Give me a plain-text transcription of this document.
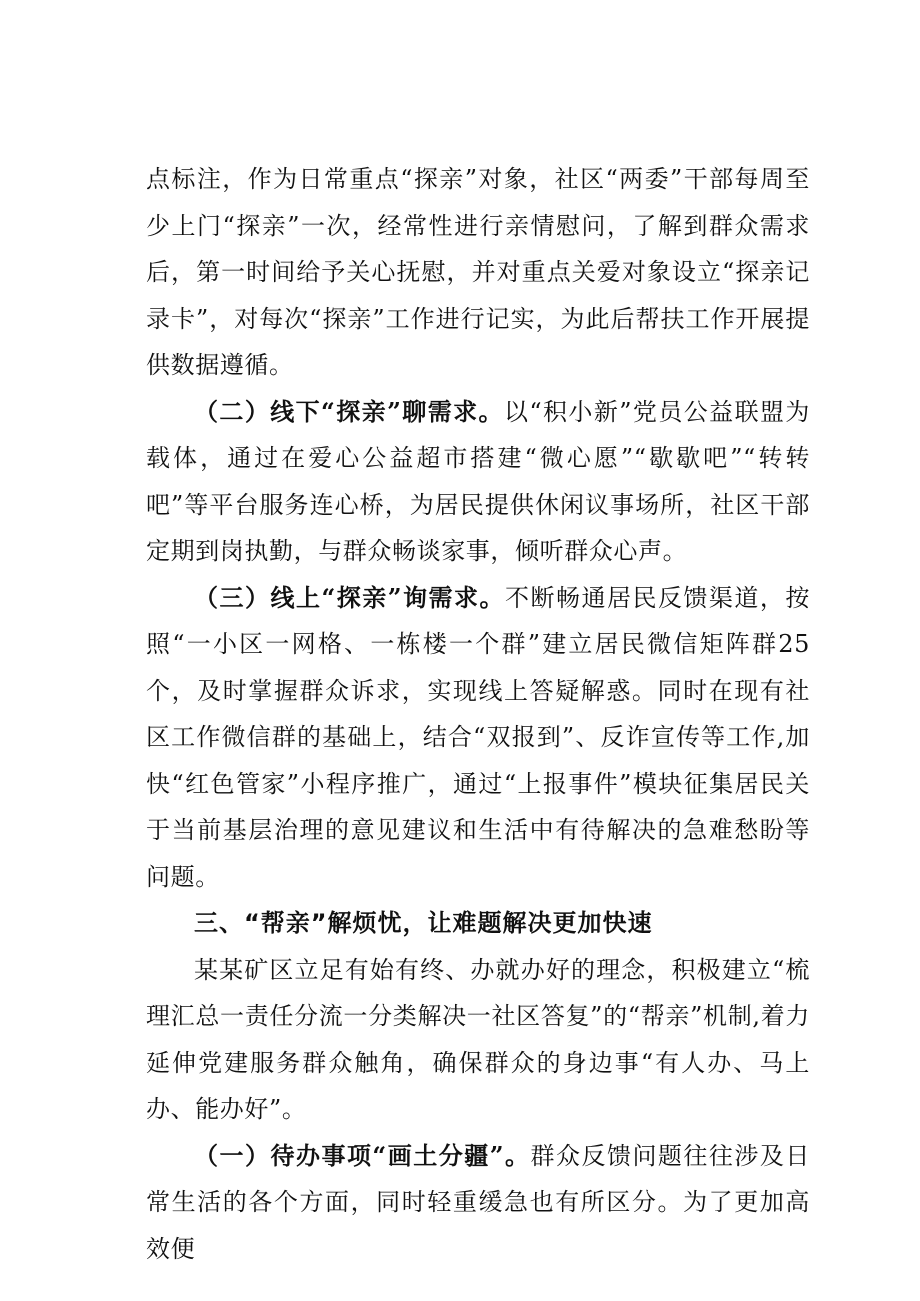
点标注，作为日常重点“探亲”对象，社区“两委”干部每周至少上门“探亲”一次，经常性进行亲情慰问，了解到群众需求后，第一时间给予关心抚慰，并对重点关爱对象设立“探亲记录卡”，对每次“探亲”工作进行记实，为此后帮扶工作开展提供数据遵循。

（二）线下“探亲”聊需求。以“积小新”党员公益联盟为载体，通过在爱心公益超市搭建“微心愿”“歇歇吧”“转转吧”等平台服务连心桥，为居民提供休闲议事场所，社区干部定期到岗执勤，与群众畅谈家事，倾听群众心声。

（三）线上“探亲”询需求。不断畅通居民反馈渠道，按照“一小区一网格、一栋楼一个群”建立居民微信矩阵群25个，及时掌握群众诉求，实现线上答疑解惑。同时在现有社区工作微信群的基础上，结合“双报到”、反诈宣传等工作,加快“红色管家”小程序推广，通过“上报事件”模块征集居民关于当前基层治理的意见建议和生活中有待解决的急难愁盼等问题。

三、“帮亲”解烦忧，让难题解决更加快速

某某矿区立足有始有终、办就办好的理念，积极建立“梳理汇总一责任分流一分类解决一社区答复”的“帮亲”机制,着力延伸党建服务群众触角，确保群众的身边事“有人办、马上办、能办好”。

（一）待办事项“画土分疆”。群众反馈问题往往涉及日常生活的各个方面，同时轻重缓急也有所区分。为了更加高效便
